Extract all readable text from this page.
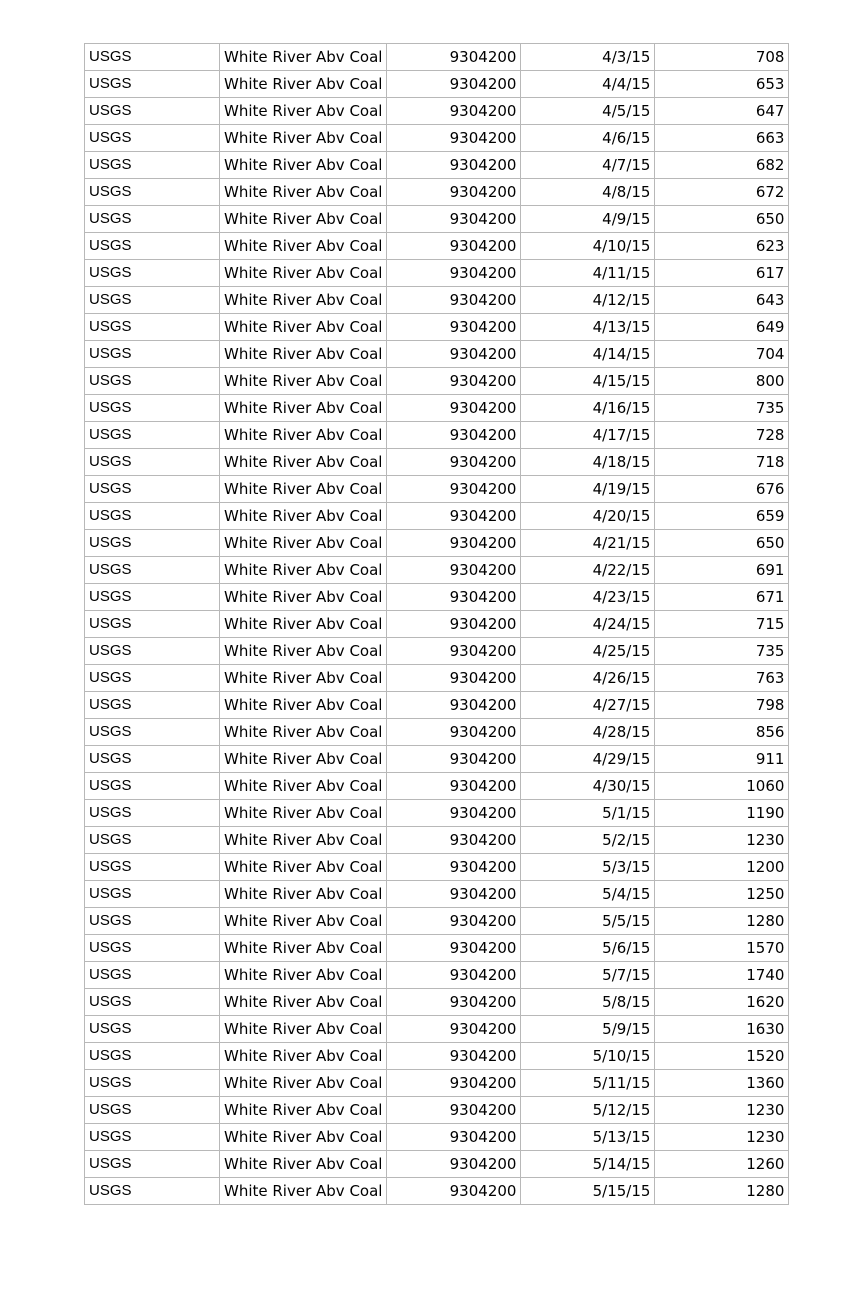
USGS	White River Abv Coal	9304200	4/3/15	708
USGS	White River Abv Coal	9304200	4/4/15	653
USGS	White River Abv Coal	9304200	4/5/15	647
USGS	White River Abv Coal	9304200	4/6/15	663
USGS	White River Abv Coal	9304200	4/7/15	682
USGS	White River Abv Coal	9304200	4/8/15	672
USGS	White River Abv Coal	9304200	4/9/15	650
USGS	White River Abv Coal	9304200	4/10/15	623
USGS	White River Abv Coal	9304200	4/11/15	617
USGS	White River Abv Coal	9304200	4/12/15	643
USGS	White River Abv Coal	9304200	4/13/15	649
USGS	White River Abv Coal	9304200	4/14/15	704
USGS	White River Abv Coal	9304200	4/15/15	800
USGS	White River Abv Coal	9304200	4/16/15	735
USGS	White River Abv Coal	9304200	4/17/15	728
USGS	White River Abv Coal	9304200	4/18/15	718
USGS	White River Abv Coal	9304200	4/19/15	676
USGS	White River Abv Coal	9304200	4/20/15	659
USGS	White River Abv Coal	9304200	4/21/15	650
USGS	White River Abv Coal	9304200	4/22/15	691
USGS	White River Abv Coal	9304200	4/23/15	671
USGS	White River Abv Coal	9304200	4/24/15	715
USGS	White River Abv Coal	9304200	4/25/15	735
USGS	White River Abv Coal	9304200	4/26/15	763
USGS	White River Abv Coal	9304200	4/27/15	798
USGS	White River Abv Coal	9304200	4/28/15	856
USGS	White River Abv Coal	9304200	4/29/15	911
USGS	White River Abv Coal	9304200	4/30/15	1060
USGS	White River Abv Coal	9304200	5/1/15	1190
USGS	White River Abv Coal	9304200	5/2/15	1230
USGS	White River Abv Coal	9304200	5/3/15	1200
USGS	White River Abv Coal	9304200	5/4/15	1250
USGS	White River Abv Coal	9304200	5/5/15	1280
USGS	White River Abv Coal	9304200	5/6/15	1570
USGS	White River Abv Coal	9304200	5/7/15	1740
USGS	White River Abv Coal	9304200	5/8/15	1620
USGS	White River Abv Coal	9304200	5/9/15	1630
USGS	White River Abv Coal	9304200	5/10/15	1520
USGS	White River Abv Coal	9304200	5/11/15	1360
USGS	White River Abv Coal	9304200	5/12/15	1230
USGS	White River Abv Coal	9304200	5/13/15	1230
USGS	White River Abv Coal	9304200	5/14/15	1260
USGS	White River Abv Coal	9304200	5/15/15	1280
